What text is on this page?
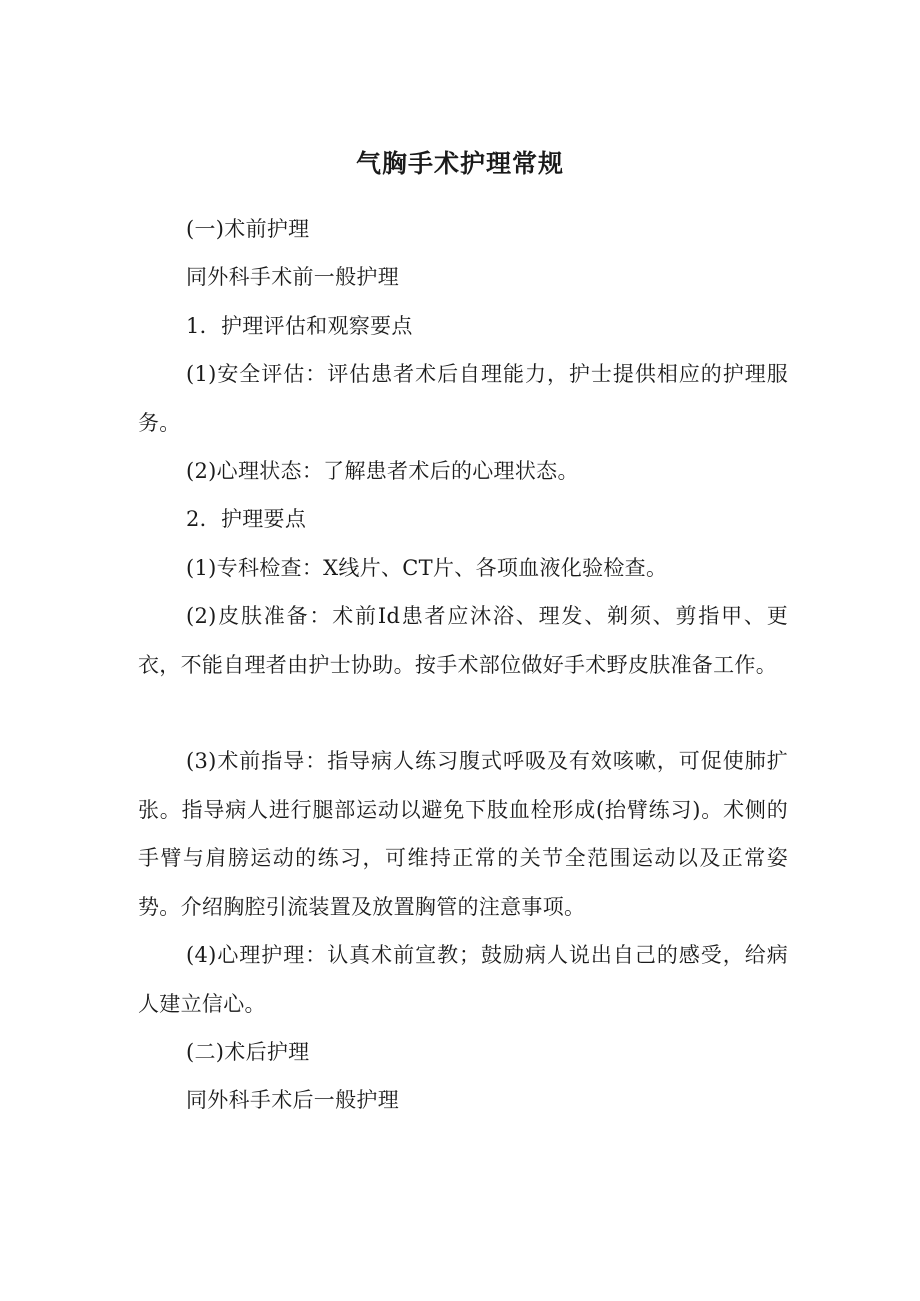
气胸手术护理常规
(一)术前护理
同外科手术前一般护理
1．护理评估和观察要点
(1)安全评估：评估患者术后自理能力，护士提供相应的护理服务。
(2)心理状态：了解患者术后的心理状态。
2．护理要点
(1)专科检查：X线片、CT片、各项血液化验检查。
(2)皮肤准备：术前Id患者应沐浴、理发、剃须、剪指甲、更衣，不能自理者由护士协助。按手术部位做好手术野皮肤准备工作。
(3)术前指导：指导病人练习腹式呼吸及有效咳嗽，可促使肺扩张。指导病人进行腿部运动以避免下肢血栓形成(抬臂练习)。术侧的手臂与肩膀运动的练习，可维持正常的关节全范围运动以及正常姿势。介绍胸腔引流装置及放置胸管的注意事项。
(4)心理护理：认真术前宣教；鼓励病人说出自己的感受，给病人建立信心。
(二)术后护理
同外科手术后一般护理
